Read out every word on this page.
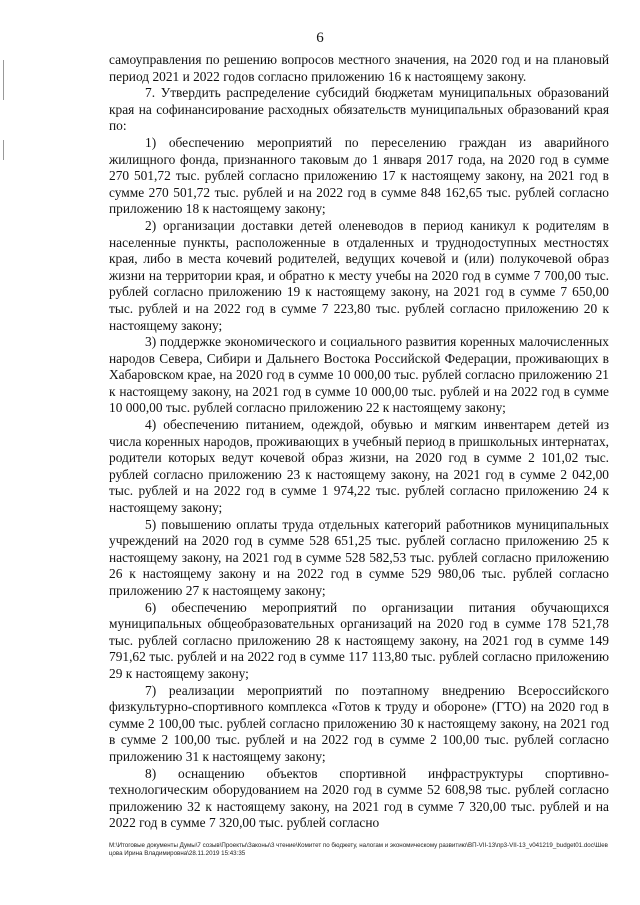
6

самоуправления по решению вопросов местного значения, на 2020 год и на плановый период 2021 и 2022 годов согласно приложению 16 к настоящему закону.

7. Утвердить распределение субсидий бюджетам муниципальных образований края на софинансирование расходных обязательств муниципальных образований края по:

1) обеспечению мероприятий по переселению граждан из аварийного жилищного фонда, признанного таковым до 1 января 2017 года, на 2020 год в сумме 270 501,72 тыс. рублей согласно приложению 17 к настоящему закону, на 2021 год в сумме 270 501,72 тыс. рублей и на 2022 год в сумме 848 162,65 тыс. рублей согласно приложению 18 к настоящему закону;

2) организации доставки детей оленеводов в период каникул к родителям в населенные пункты, расположенные в отдаленных и труднодоступных местностях края, либо в места кочевий родителей, ведущих кочевой и (или) полукочевой образ жизни на территории края, и обратно к месту учебы на 2020 год в сумме 7 700,00 тыс. рублей согласно приложению 19 к настоящему закону, на 2021 год в сумме 7 650,00 тыс. рублей и на 2022 год в сумме 7 223,80 тыс. рублей согласно приложению 20 к настоящему закону;

3) поддержке экономического и социального развития коренных малочисленных народов Севера, Сибири и Дальнего Востока Российской Федерации, проживающих в Хабаровском крае, на 2020 год в сумме 10 000,00 тыс. рублей согласно приложению 21 к настоящему закону, на 2021 год в сумме 10 000,00 тыс. рублей и на 2022 год в сумме 10 000,00 тыс. рублей согласно приложению 22 к настоящему закону;

4) обеспечению питанием, одеждой, обувью и мягким инвентарем детей из числа коренных народов, проживающих в учебный период в пришкольных интернатах, родители которых ведут кочевой образ жизни, на 2020 год в сумме 2 101,02 тыс. рублей согласно приложению 23 к настоящему закону, на 2021 год в сумме 2 042,00 тыс. рублей и на 2022 год в сумме 1 974,22 тыс. рублей согласно приложению 24 к настоящему закону;

5) повышению оплаты труда отдельных категорий работников муниципальных учреждений на 2020 год в сумме 528 651,25 тыс. рублей согласно приложению 25 к настоящему закону, на 2021 год в сумме 528 582,53 тыс. рублей согласно приложению 26 к настоящему закону и на 2022 год в сумме 529 980,06 тыс. рублей согласно приложению 27 к настоящему закону;

6) обеспечению мероприятий по организации питания обучающихся муниципальных общеобразовательных организаций на 2020 год в сумме 178 521,78 тыс. рублей согласно приложению 28 к настоящему закону, на 2021 год в сумме 149 791,62 тыс. рублей и на 2022 год в сумме 117 113,80 тыс. рублей согласно приложению 29 к настоящему закону;

7) реализации мероприятий по поэтапному внедрению Всероссийского физкультурно-спортивного комплекса «Готов к труду и обороне» (ГТО) на 2020 год в сумме 2 100,00 тыс. рублей согласно приложению 30 к настоящему закону, на 2021 год в сумме 2 100,00 тыс. рублей и на 2022 год в сумме 2 100,00 тыс. рублей согласно приложению 31 к настоящему закону;

8) оснащению объектов спортивной инфраструктуры спортивно-технологическим оборудованием на 2020 год в сумме 52 608,98 тыс. рублей согласно приложению 32 к настоящему закону, на 2021 год в сумме 7 320,00 тыс. рублей и на 2022 год в сумме 7 320,00 тыс. рублей согласно

M:\Итоговые документы Думы\7 созыв\Проекты\Законы\3 чтение\Комитет по бюджету, налогам и экономическому развитию\ВП-VII-13\пр3-VII-13_v041219_budget01.doc\Шевцова Ирина Владимировна\28.11.2019 15:43:35
